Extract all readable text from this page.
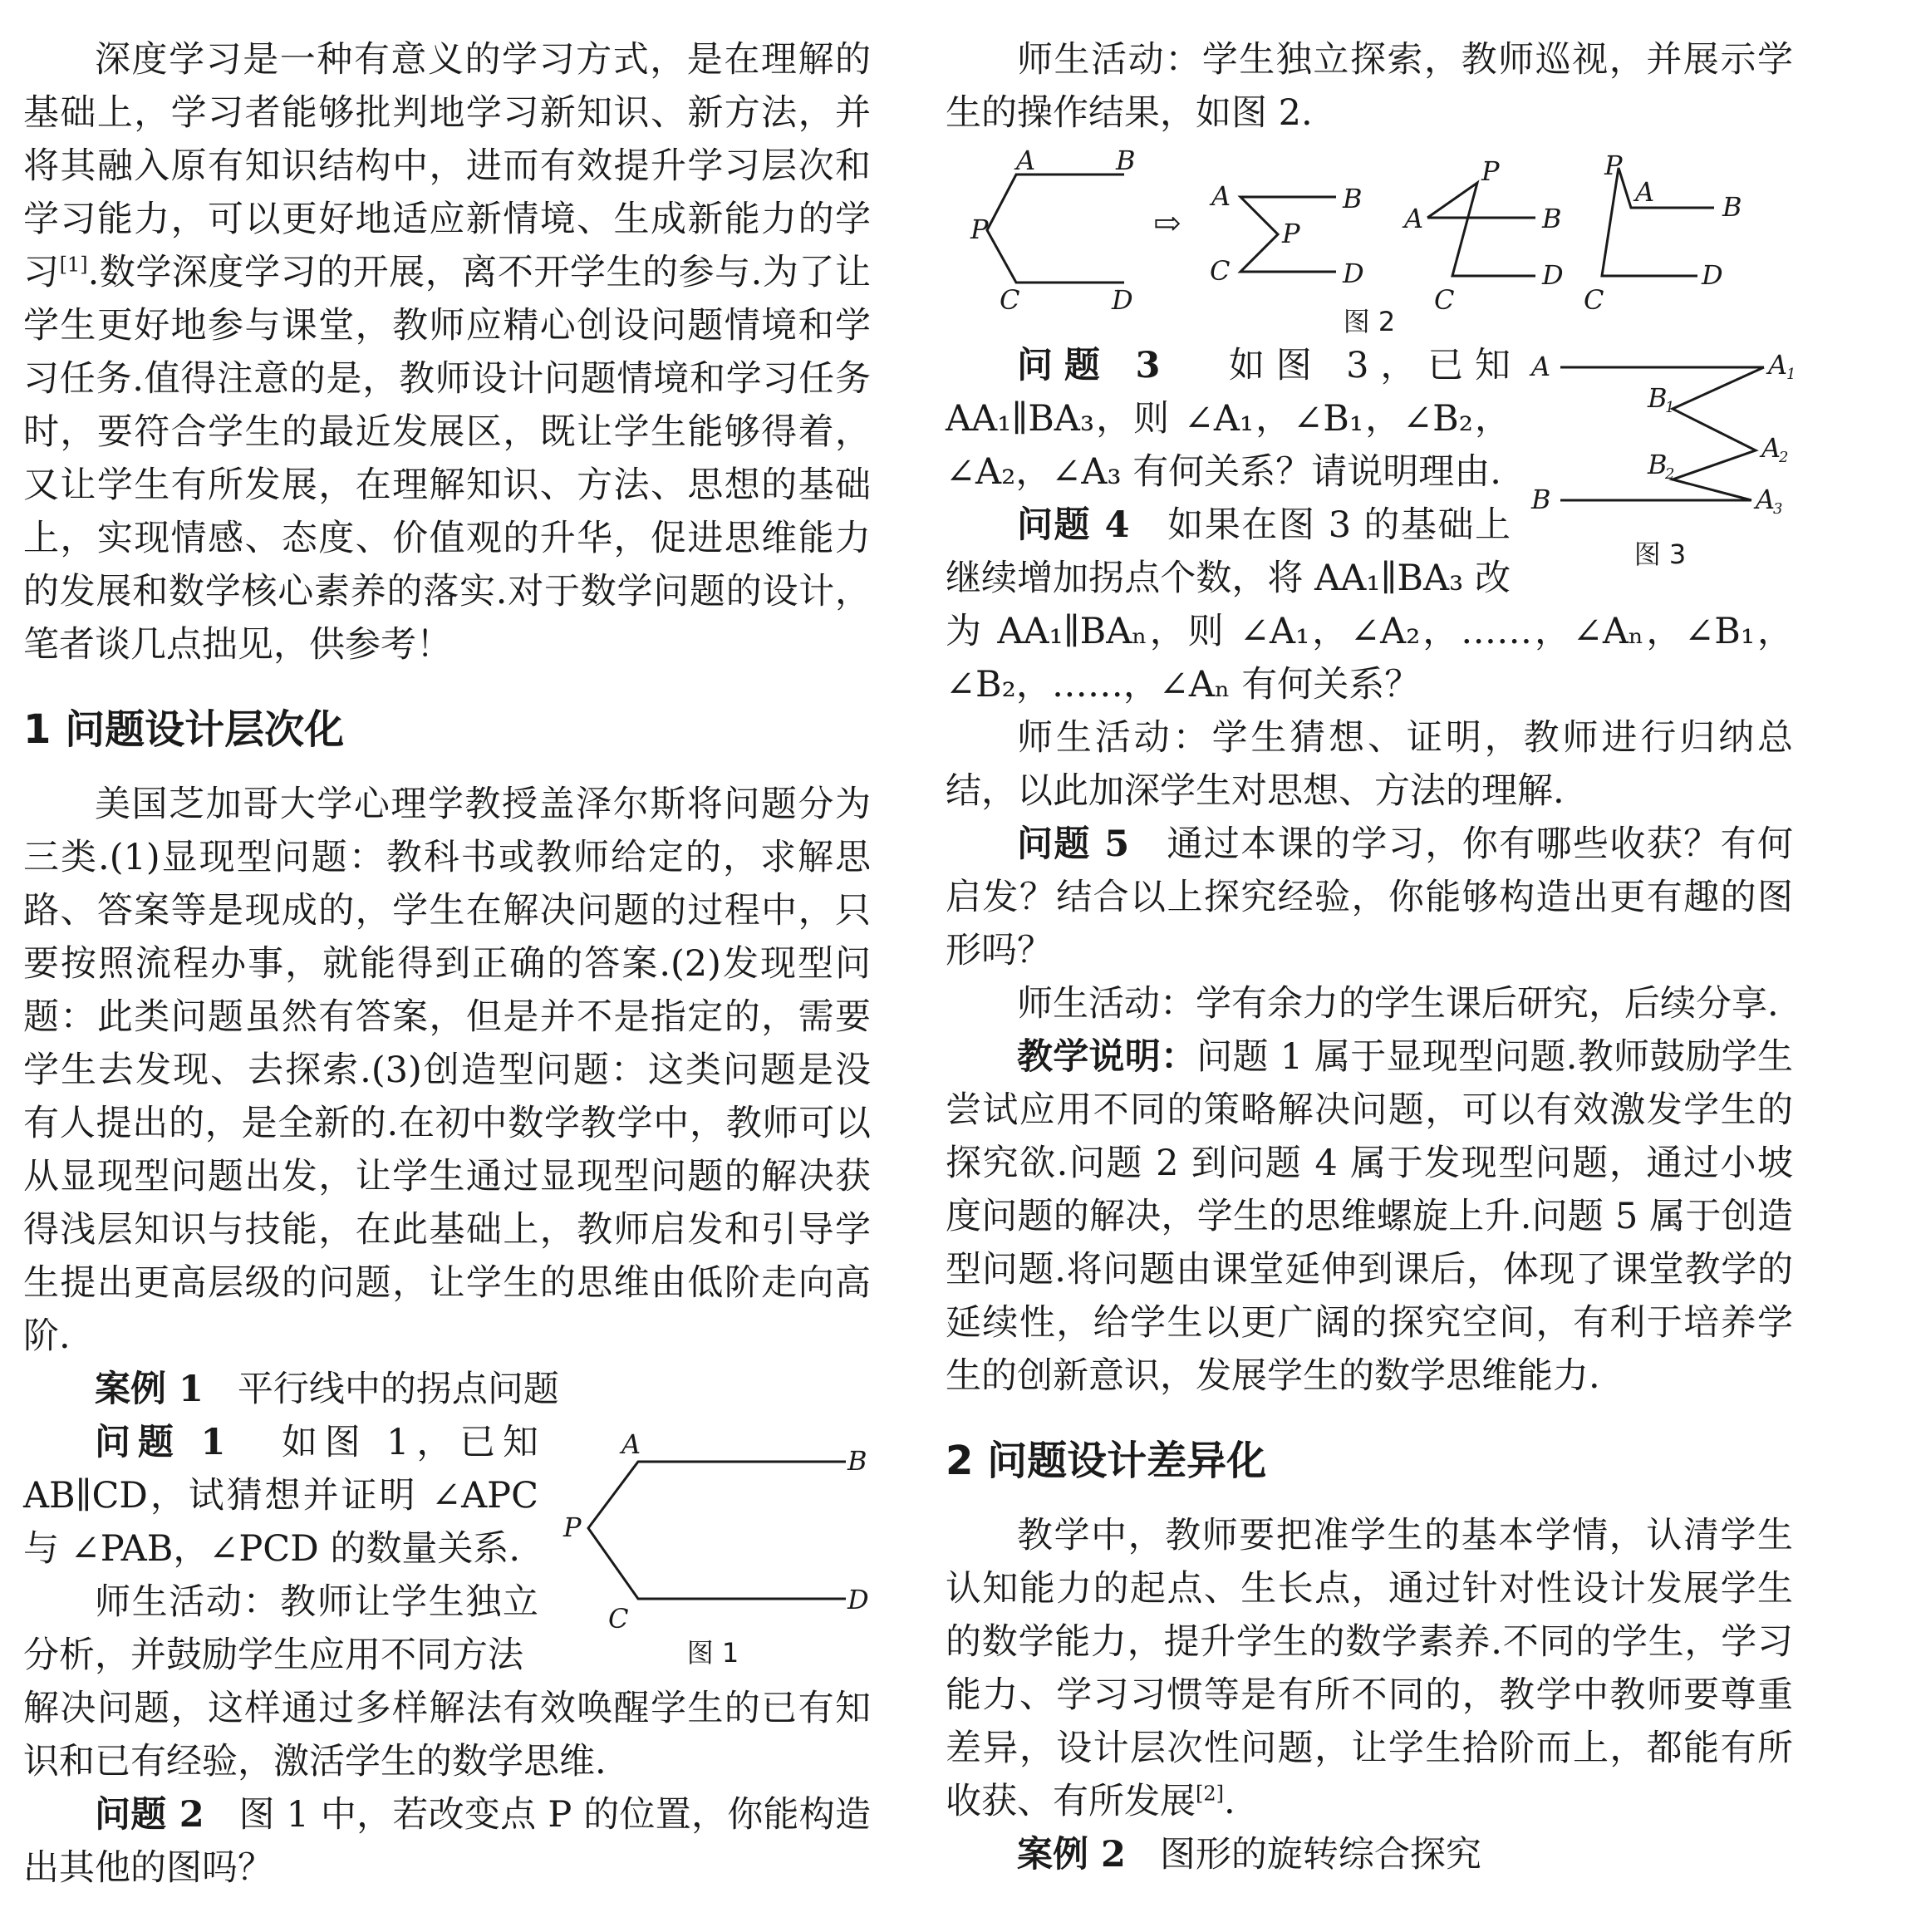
深度学习是一种有意义的学习方式，是在理解的基础上，学习者能够批判地学习新知识、新方法，并将其融入原有知识结构中，进而有效提升学习层次和学习能力，可以更好地适应新情境、生成新能力的学习[1].数学深度学习的开展，离不开学生的参与.为了让学生更好地参与课堂，教师应精心创设问题情境和学习任务.值得注意的是，教师设计问题情境和学习任务时，要符合学生的最近发展区，既让学生能够得着，又让学生有所发展，在理解知识、方法、思想的基础上，实现情感、态度、价值观的升华，促进思维能力的发展和数学核心素养的落实.对于数学问题的设计，笔者谈几点拙见，供参考！

1 问题设计层次化

美国芝加哥大学心理学教授盖泽尔斯将问题分为三类.(1)显现型问题：教科书或教师给定的，求解思路、答案等是现成的，学生在解决问题的过程中，只要按照流程办事，就能得到正确的答案.(2)发现型问题：此类问题虽然有答案，但是并不是指定的，需要学生去发现、去探索.(3)创造型问题：这类问题是没有人提出的，是全新的.在初中数学教学中，教师可以从显现型问题出发，让学生通过显现型问题的解决获得浅层知识与技能，在此基础上，教师启发和引导学生提出更高层级的问题，让学生的思维由低阶走向高阶.

案例 1 平行线中的拐点问题

A
B
P
C
D
图 1

问题 1 如图 1，已知 AB∥CD，试猜想并证明 ∠APC 与 ∠PAB，∠PCD 的数量关系.

师生活动：教师让学生独立分析，并鼓励学生应用不同方法

解决问题，这样通过多样解法有效唤醒学生的已有知识和已有经验，激活学生的数学思维.

问题 2 图 1 中，若改变点 P 的位置，你能构造出其他的图吗？

师生活动：学生独立探索，教师巡视，并展示学生的操作结果，如图 2.

A	B
P
C	D
⇨
A	B
P
C	D
A
P
B
C
D
P
A	B
C
D
图 2
A
B
A
1
B
1
A
2
B
2
A
3
图 3

问题 3 如图 3，已知 AA₁∥BA₃，则 ∠A₁，∠B₁，∠B₂，∠A₂，∠A₃ 有何关系？请说明理由.

问题 4 如果在图 3 的基础上继续增加拐点个数，将 AA₁∥BA₃ 改为 AA₁∥BAₙ，则 ∠A₁，∠A₂，……，∠Aₙ，∠B₁，∠B₂，……，∠Aₙ 有何关系？

师生活动：学生猜想、证明，教师进行归纳总结，以此加深学生对思想、方法的理解.

问题 5 通过本课的学习，你有哪些收获？有何启发？结合以上探究经验，你能够构造出更有趣的图形吗？

师生活动：学有余力的学生课后研究，后续分享.

教学说明：问题 1 属于显现型问题.教师鼓励学生尝试应用不同的策略解决问题，可以有效激发学生的探究欲.问题 2 到问题 4 属于发现型问题，通过小坡度问题的解决，学生的思维螺旋上升.问题 5 属于创造型问题.将问题由课堂延伸到课后，体现了课堂教学的延续性，给学生以更广阔的探究空间，有利于培养学生的创新意识，发展学生的数学思维能力.

2 问题设计差异化

教学中，教师要把准学生的基本学情，认清学生认知能力的起点、生长点，通过针对性设计发展学生的数学能力，提升学生的数学素养.不同的学生，学习能力、学习习惯等是有所不同的，教学中教师要尊重差异，设计层次性问题，让学生拾阶而上，都能有所收获、有所发展[2].

案例 2 图形的旋转综合探究
